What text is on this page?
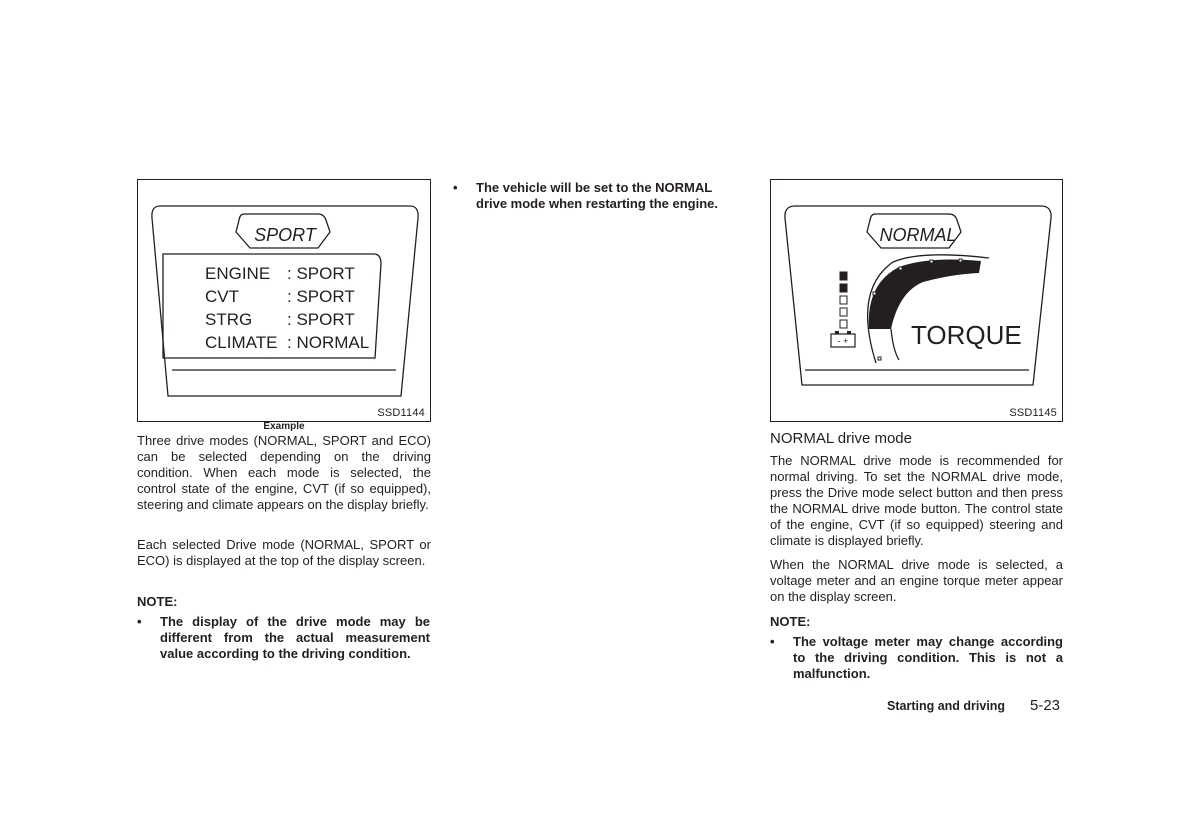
SPORT
ENGINE : SPORT
CVT	: SPORT
STRG : SPORT
CLIMATE : NORMAL
SSD1144
Example
NORMAL
TORQUE
- +
SSD1145
Three drive modes (NORMAL, SPORT and ECO) can be selected depending on the driving condition. When each mode is selected, the control state of the engine, CVT (if so equipped), steering and climate appears on the display briefly.
Each selected Drive mode (NORMAL, SPORT or ECO) is displayed at the top of the display screen.
NOTE:
• The display of the drive mode may be different from the actual measurement value according to the driving condition.
• The vehicle will be set to the NORMAL drive mode when restarting the engine.
NORMAL drive mode
The NORMAL drive mode is recommended for normal driving. To set the NORMAL drive mode, press the Drive mode select button and then press the NORMAL drive mode button. The control state of the engine, CVT (if so equipped) steering and climate is displayed briefly.
When the NORMAL drive mode is selected, a voltage meter and an engine torque meter appear on the display screen.
NOTE:
• The voltage meter may change according to the driving condition. This is not a malfunction.
Starting and driving 5-23
